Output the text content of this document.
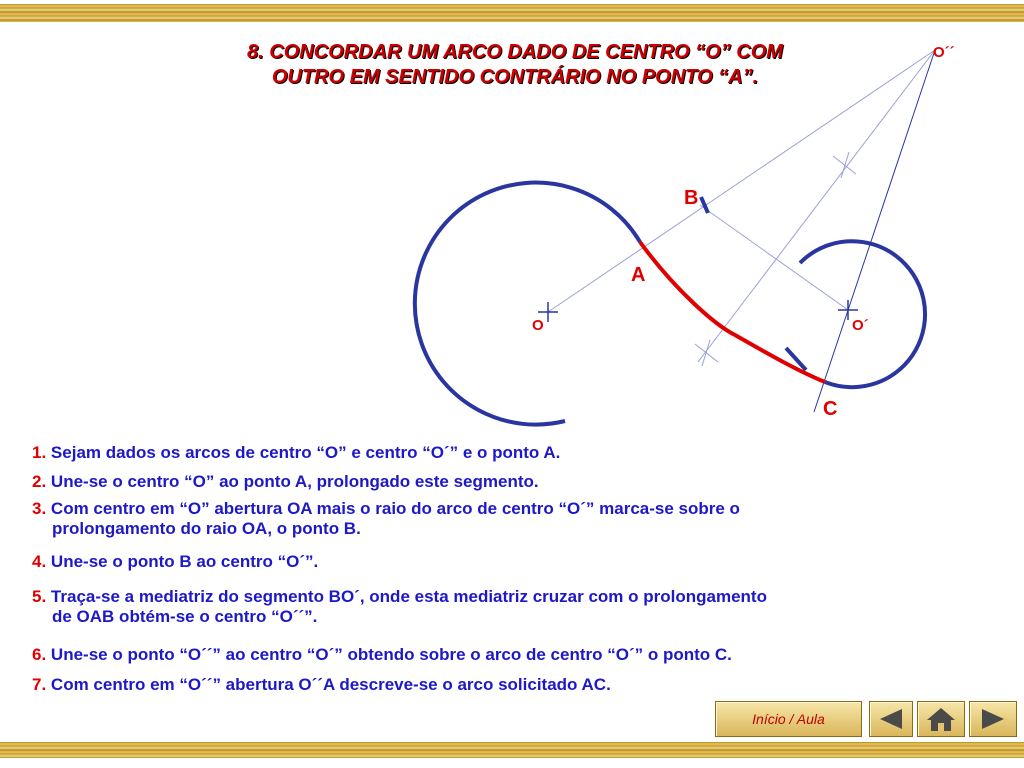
8. CONCORDAR UM ARCO DADO DE CENTRO “O” COM
OUTRO EM SENTIDO CONTRÁRIO NO PONTO “A”.
O	O´
O´´
A
B
C
1. Sejam dados os arcos de centro “O” e centro “O´” e o ponto A.
2. Une-se o centro “O” ao ponto A, prolongado este segmento.
3. Com centro em “O” abertura OA mais o raio do arco de centro “O´” marca-se sobre o
prolongamento do raio OA, o ponto B.
4. Une-se o ponto B ao centro “O´”.
5. Traça-se a mediatriz do segmento BO´, onde esta mediatriz cruzar com o prolongamento
de OAB obtém-se o centro “O´´”.
6. Une-se o ponto “O´´” ao centro “O´” obtendo sobre o arco de centro “O´” o ponto C.
7. Com centro em “O´´” abertura O´´A descreve-se o arco solicitado AC.
Início / Aula
